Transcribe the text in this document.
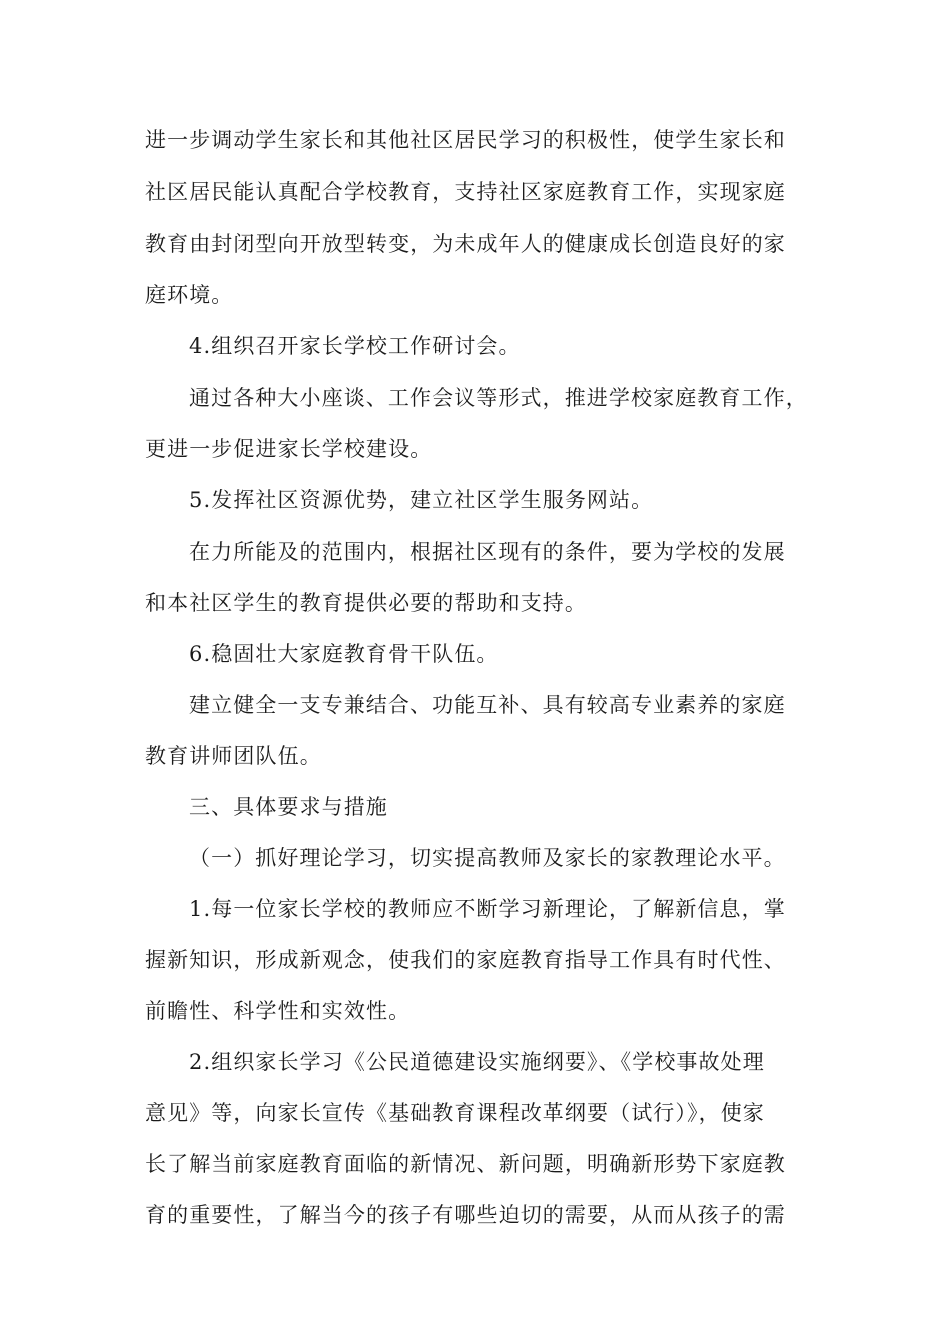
进一步调动学生家长和其他社区居民学习的积极性，使学生家长和
社区居民能认真配合学校教育，支持社区家庭教育工作，实现家庭
教育由封闭型向开放型转变，为未成年人的健康成长创造良好的家
庭环境。
4.组织召开家长学校工作研讨会。
通过各种大小座谈、工作会议等形式，推进学校家庭教育工作，
更进一步促进家长学校建设。
5.发挥社区资源优势，建立社区学生服务网站。
在力所能及的范围内，根据社区现有的条件，要为学校的发展
和本社区学生的教育提供必要的帮助和支持。
6.稳固壮大家庭教育骨干队伍。
建立健全一支专兼结合、功能互补、具有较高专业素养的家庭
教育讲师团队伍。
三、具体要求与措施
（一）抓好理论学习，切实提高教师及家长的家教理论水平。
1.每一位家长学校的教师应不断学习新理论，了解新信息，掌
握新知识，形成新观念，使我们的家庭教育指导工作具有时代性、
前瞻性、科学性和实效性。
2.组织家长学习《公民道德建设实施纲要》、《学校事故处理
意见》等，向家长宣传《基础教育课程改革纲要（试行）》，使家
长了解当前家庭教育面临的新情况、新问题，明确新形势下家庭教
育的重要性，了解当今的孩子有哪些迫切的需要，从而从孩子的需
